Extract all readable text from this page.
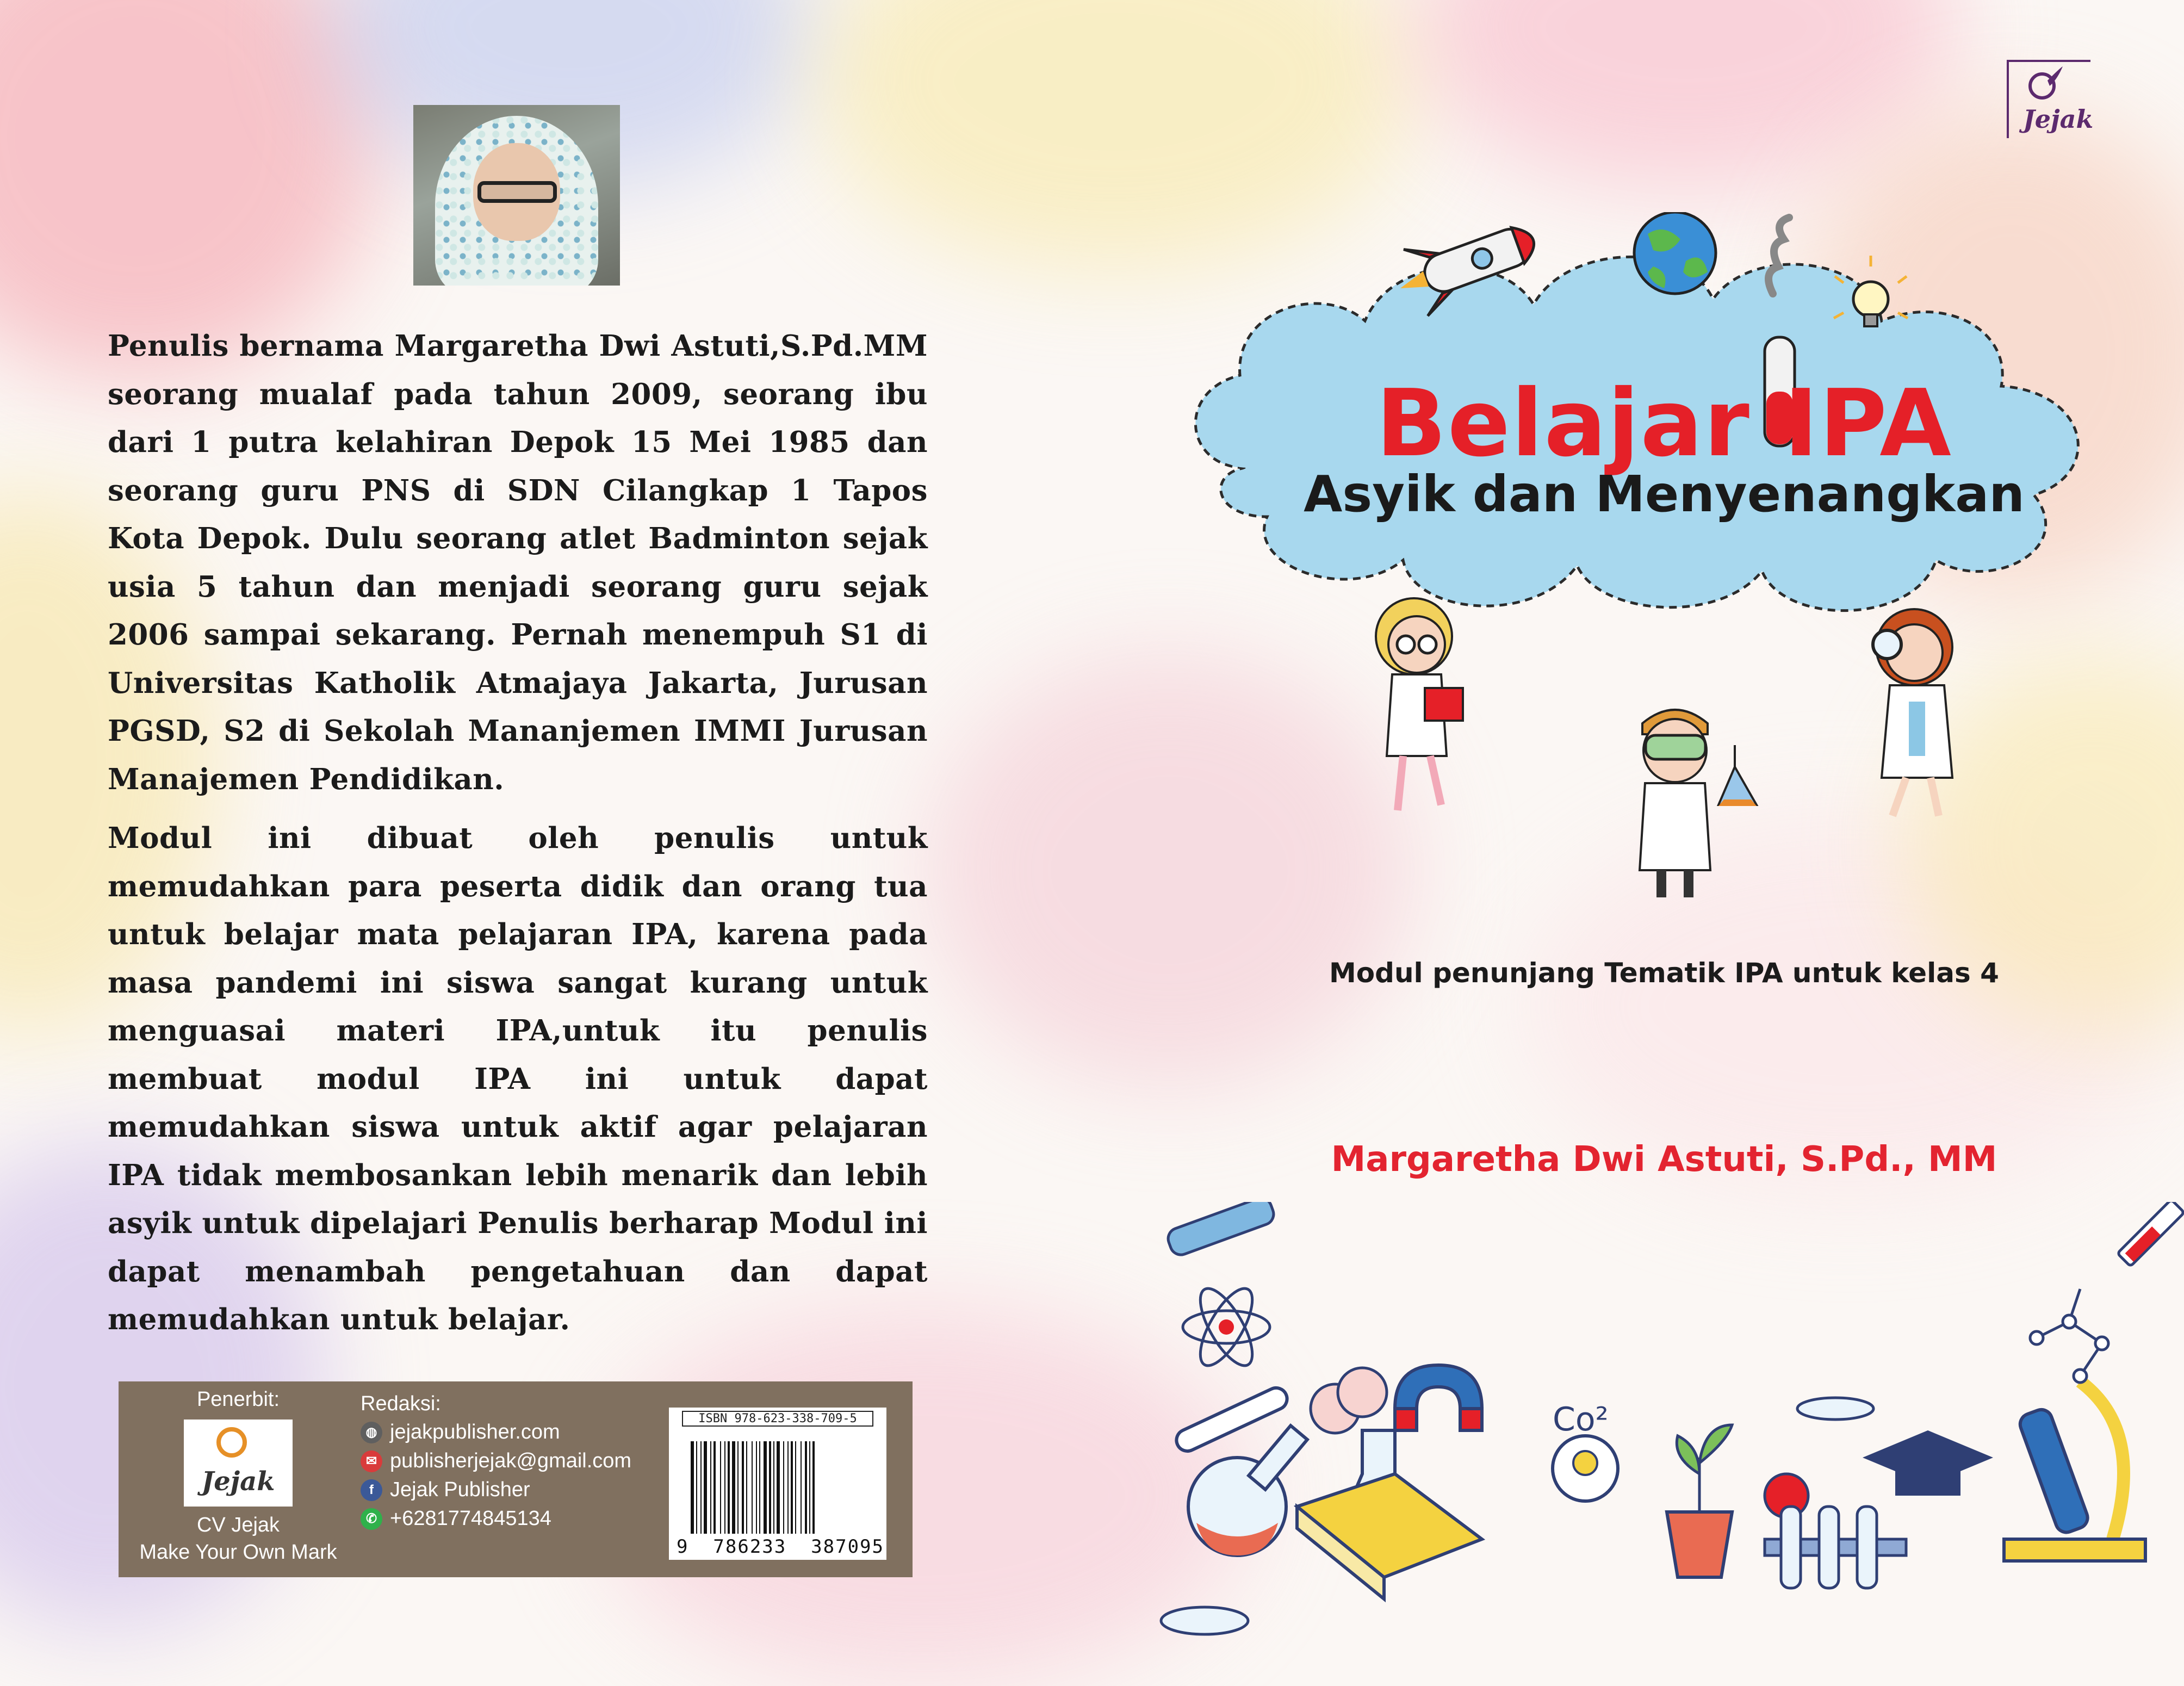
Penulis bernama Margaretha Dwi Astuti,S.Pd.MM seorang mualaf pada tahun 2009, seorang ibu dari 1 putra kelahiran Depok 15 Mei 1985 dan seorang guru PNS di SDN Cilangkap 1 Tapos Kota Depok. Dulu seorang atlet Badminton sejak usia 5 tahun dan menjadi seorang guru sejak 2006 sampai sekarang. Pernah menempuh S1 di Universitas Katholik Atmajaya Jakarta, Jurusan PGSD, S2 di Sekolah Mananjemen IMMI Jurusan Manajemen Pendidikan.

Modul ini dibuat oleh penulis untuk memudahkan para peserta didik dan orang tua untuk belajar mata pelajaran IPA, karena pada masa pandemi ini siswa sangat kurang untuk menguasai materi IPA,untuk itu penulis membuat modul IPA ini untuk dapat memudahkan siswa untuk aktif agar pelajaran IPA tidak membosankan lebih menarik dan lebih asyik untuk dipelajari Penulis berharap Modul ini dapat menambah pengetahuan dan dapat memudahkan untuk belajar.

Penerbit:
Jejak
CV Jejak
Make Your Own Mark
Redaksi:
◍ jejakpublisher.com
✉ publisherjejak@gmail.com
f Jejak Publisher
✆ +6281774845134
ISBN 978-623-338-709-5
9  786233  387095
Jejak
Belajar IPA
Asyik dan Menyenangkan
Modul penunjang Tematik IPA untuk kelas 4
Margaretha Dwi Astuti, S.Pd., MM
Co²
